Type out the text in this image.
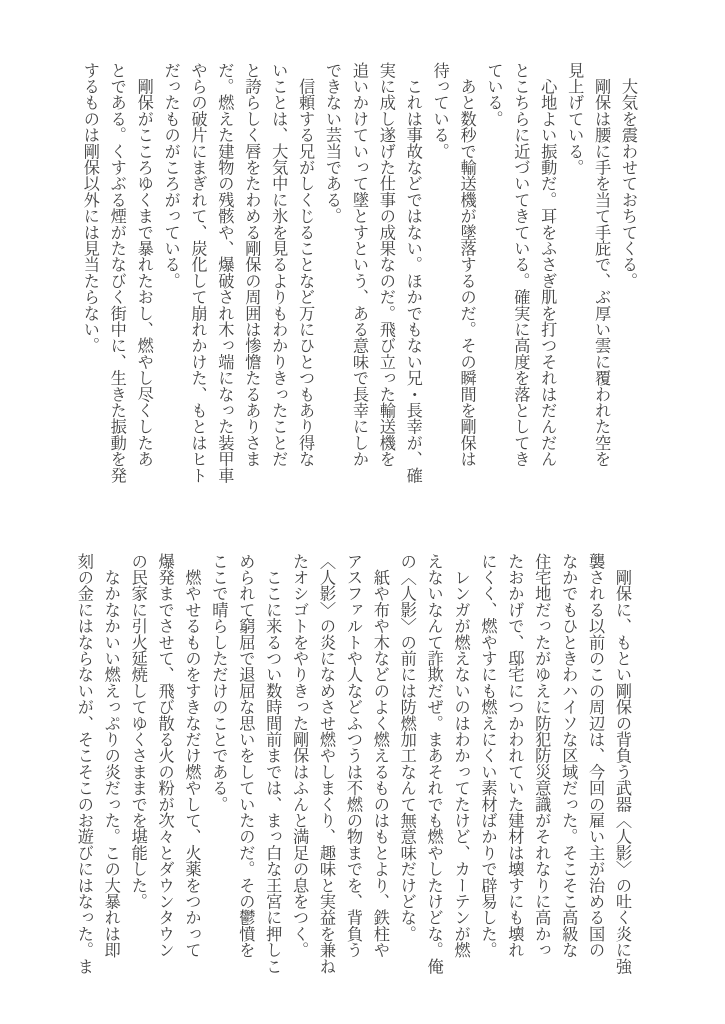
　大気を震わせておちてくる。

　剛保は腰に手を当て手庇で、ぶ厚い雲に覆われた空を

見上げている。

　心地よい振動だ。耳をふさぎ肌を打つそれはだんだん

とこちらに近づいてきている。確実に高度を落としてき

ている。

　あと数秒で輸送機が墜落するのだ。その瞬間を剛保は

待っている。

　これは事故などではない。ほかでもない兄・長幸が、確

実に成し遂げた仕事の成果なのだ。飛び立った輸送機を

追いかけていって墜とすという、ある意味で長幸にしか

できない芸当である。

　信頼する兄がしくじることなど万にひとつもあり得な

いことは、大気中に氷を見るよりもわかりきったことだ

と誇らしく唇をたわめる剛保の周囲は惨憺たるありさま

だ。燃えた建物の残骸や、爆破され木っ端になった装甲車

やらの破片にまぎれて、炭化して崩れかけた、もとはヒト

だったものがころがっている。

　剛保がこころゆくまで暴れたおし、燃やし尽くしたあ

とである。くすぶる煙がたなびく街中に、生きた振動を発

するものは剛保以外には見当たらない。

　剛保に、もとい剛保の背負う武器〈人影〉の吐く炎に強

襲される以前のこの周辺は、今回の雇い主が治める国の

なかでもひときわハイソな区域だった。そこそこ高級な

住宅地だったがゆえに防犯防災意識がそれなりに高かっ

たおかげで、邸宅につかわれていた建材は壊すにも壊れ

にくく、燃やすにも燃えにくい素材ばかりで辟易した。

　レンガが燃えないのはわかってたけど、カーテンが燃

えないなんて詐欺だぜ。まあそれでも燃やしたけどな。俺

の〈人影〉の前には防燃加工なんて無意味だけどな。

　紙や布や木などのよく燃えるものはもとより、鉄柱や

アスファルトや人などふつうは不燃の物までを、背負う

〈人影〉の炎になめさせ燃やしまくり、趣味と実益を兼ね

たオシゴトをやりきった剛保はふんと満足の息をつく。

　ここに来るつい数時間前までは、まっ白な王宮に押しこ

められて窮屈で退屈な思いをしていたのだ。その鬱憤を

ここで晴らしただけのことである。

　燃やせるものをすきなだけ燃やして、火薬をつかって

爆発までさせて、飛び散る火の粉が次々とダウンタウン

の民家に引火延焼してゆくさままでを堪能した。

　なかなかいい燃えっぷりの炎だった。この大暴れは即

刻の金にはならないが、そこそこのお遊びにはなった。ま
